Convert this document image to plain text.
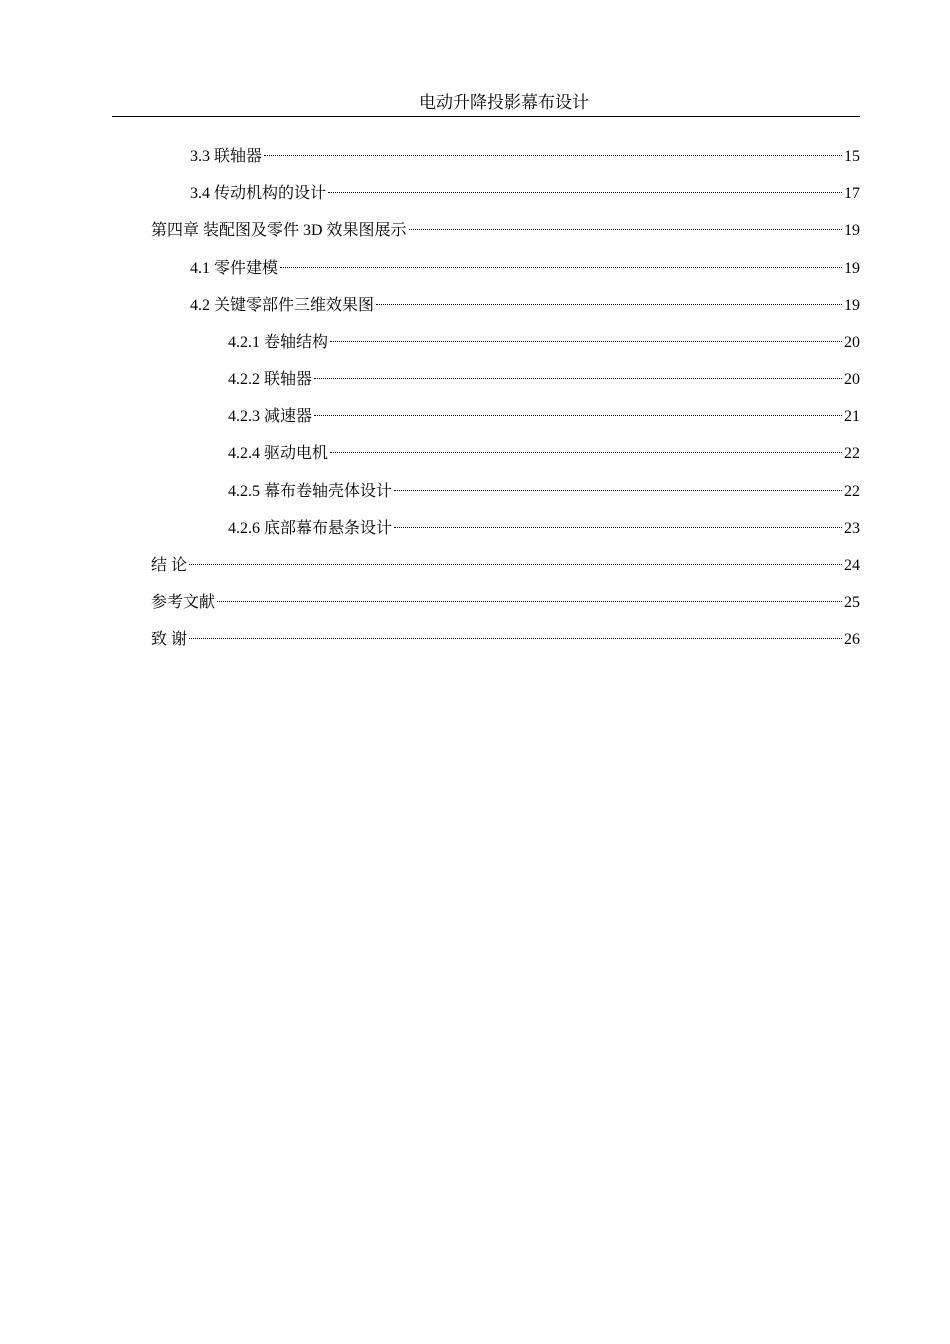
电动升降投影幕布设计
3.3 联轴器	15
3.4 传动机构的设计	17
第四章 装配图及零件 3D 效果图展示	19
4.1 零件建模	19
4.2 关键零部件三维效果图	19
4.2.1 卷轴结构	20
4.2.2 联轴器	20
4.2.3 减速器	21
4.2.4 驱动电机	22
4.2.5 幕布卷轴壳体设计	22
4.2.6 底部幕布悬条设计	23
结 论	24
参考文献	25
致 谢	26
